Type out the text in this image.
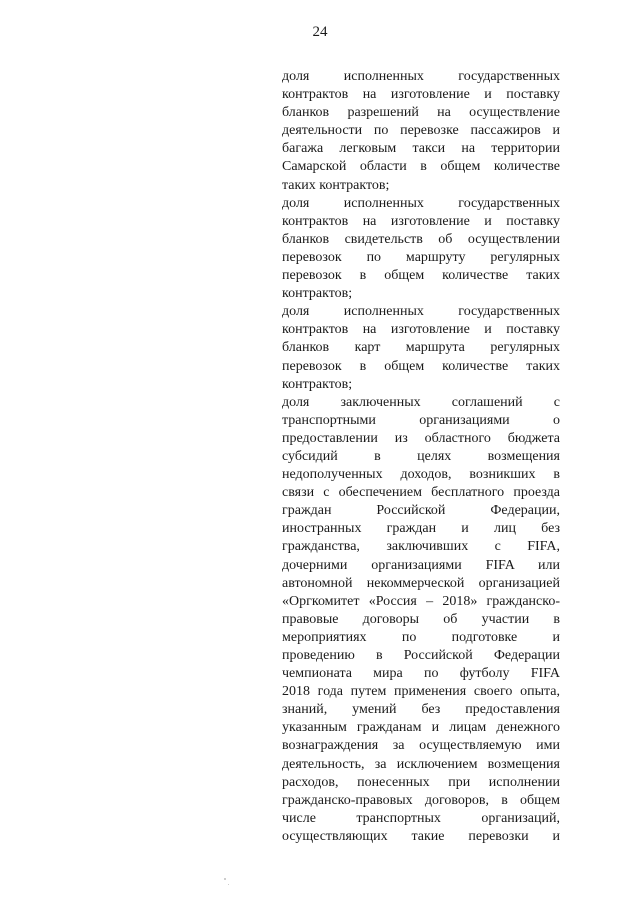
24
доля исполненных государственных
контрактов на изготовление и поставку
бланков разрешений на осуществление
деятельности по перевозке пассажиров и
багажа легковым такси на территории
Самарской области в общем количестве
таких контрактов;
доля исполненных государственных
контрактов на изготовление и поставку
бланков свидетельств об осуществлении
перевозок по маршруту регулярных
перевозок в общем количестве таких
контрактов;
доля исполненных государственных
контрактов на изготовление и поставку
бланков карт маршрута регулярных
перевозок в общем количестве таких
контрактов;
доля заключенных соглашений с
транспортными организациями о
предоставлении из областного бюджета
субсидий в целях возмещения
недополученных доходов, возникших в
связи с обеспечением бесплатного проезда
граждан Российской Федерации,
иностранных граждан и лиц без
гражданства, заключивших с FIFA,
дочерними организациями FIFA или
автономной некоммерческой организацией
«Оргкомитет «Россия – 2018» гражданско-
правовые договоры об участии в
мероприятиях по подготовке и
проведению в Российской Федерации
чемпионата мира по футболу FIFA
2018 года путем применения своего опыта,
знаний, умений без предоставления
указанным гражданам и лицам денежного
вознаграждения за осуществляемую ими
деятельность, за исключением возмещения
расходов, понесенных при исполнении
гражданско-правовых договоров, в общем
числе транспортных организаций,
осуществляющих такие перевозки и
